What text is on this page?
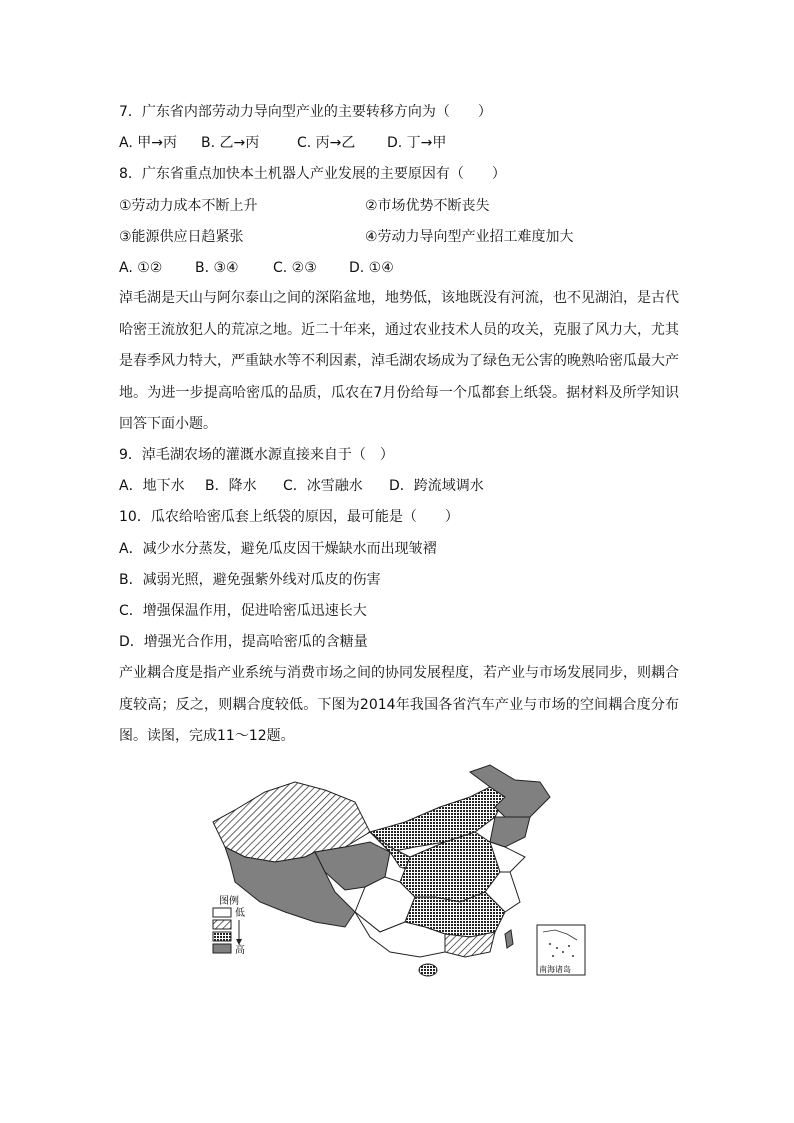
7．广东省内部劳动力导向型产业的主要转移方向为（　　）
A. 甲→丙 B. 乙→丙	C. 丙→乙 D. 丁→甲
8．广东省重点加快本土机器人产业发展的主要原因有（　　）
①劳动力成本不断上升	②市场优势不断丧失
③能源供应日趋紧张	④劳动力导向型产业招工难度加大
A. ①② B. ③④ C. ②③ D. ①④
淖毛湖是天山与阿尔泰山之间的深陷盆地，地势低，该地既没有河流，也不见湖泊，是古代哈密王流放犯人的荒凉之地。近二十年来，通过农业技术人员的攻关，克服了风力大，尤其是春季风力特大，严重缺水等不利因素，淖毛湖农场成为了绿色无公害的晚熟哈密瓜最大产地。为进一步提高哈密瓜的品质，瓜农在7月份给每一个瓜都套上纸袋。据材料及所学知识回答下面小题。
9．淖毛湖农场的灌溉水源直接来自于（　）
A．地下水 B．降水 C．冰雪融水 D．跨流域调水
10．瓜农给哈密瓜套上纸袋的原因，最可能是（　　）
A．减少水分蒸发，避免瓜皮因干燥缺水而出现皱褶
B．减弱光照，避免强紫外线对瓜皮的伤害
C．增强保温作用，促进哈密瓜迅速长大
D．增强光合作用，提高哈密瓜的含糖量
产业耦合度是指产业系统与消费市场之间的协同发展程度，若产业与市场发展同步，则耦合度较高；反之，则耦合度较低。下图为2014年我国各省汽车产业与市场的空间耦合度分布图。读图，完成11～12题。
图例
低
高
南海诸岛
